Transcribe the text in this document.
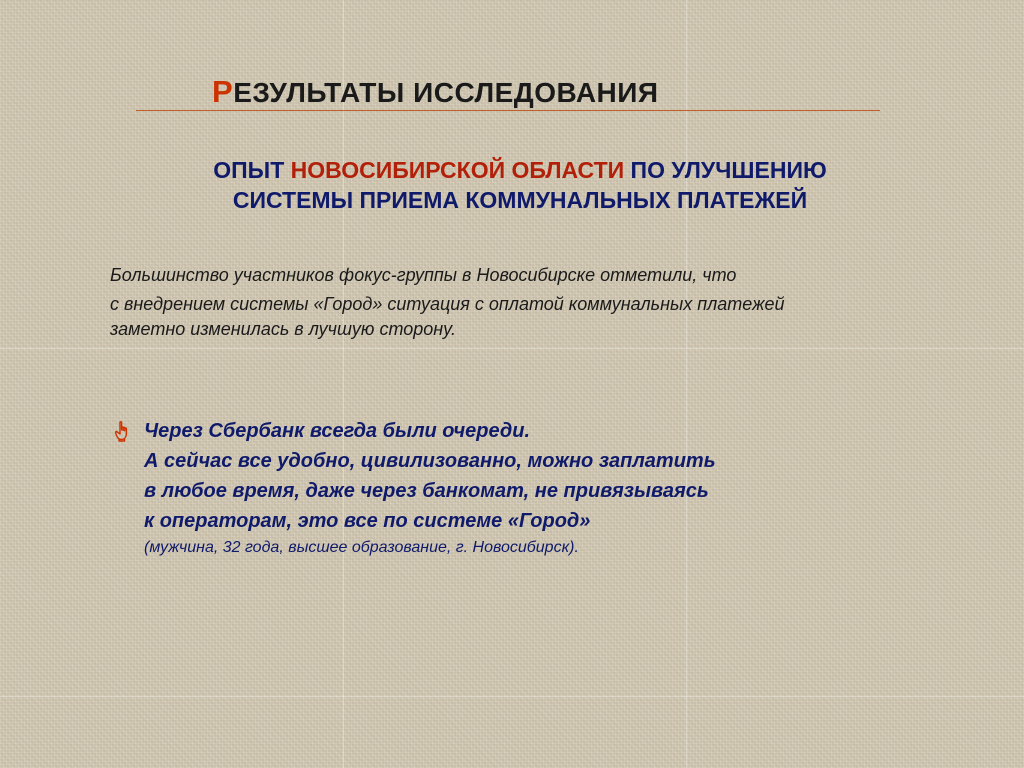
РЕЗУЛЬТАТЫ ИССЛЕДОВАНИЯ
ОПЫТ НОВОСИБИРСКОЙ ОБЛАСТИ ПО УЛУЧШЕНИЮ
СИСТЕМЫ ПРИЕМА КОММУНАЛЬНЫХ ПЛАТЕЖЕЙ
Большинство участников фокус-группы в Новосибирске отметили, что
с внедрением системы «Город» ситуация с оплатой коммунальных платежей
заметно изменилась в лучшую сторону.
Через Сбербанк всегда были очереди.
А сейчас все удобно, цивилизованно, можно заплатить
в любое время, даже через банкомат, не привязываясь
к операторам, это все по системе «Город»
(мужчина, 32 года, высшее образование, г. Новосибирск).
